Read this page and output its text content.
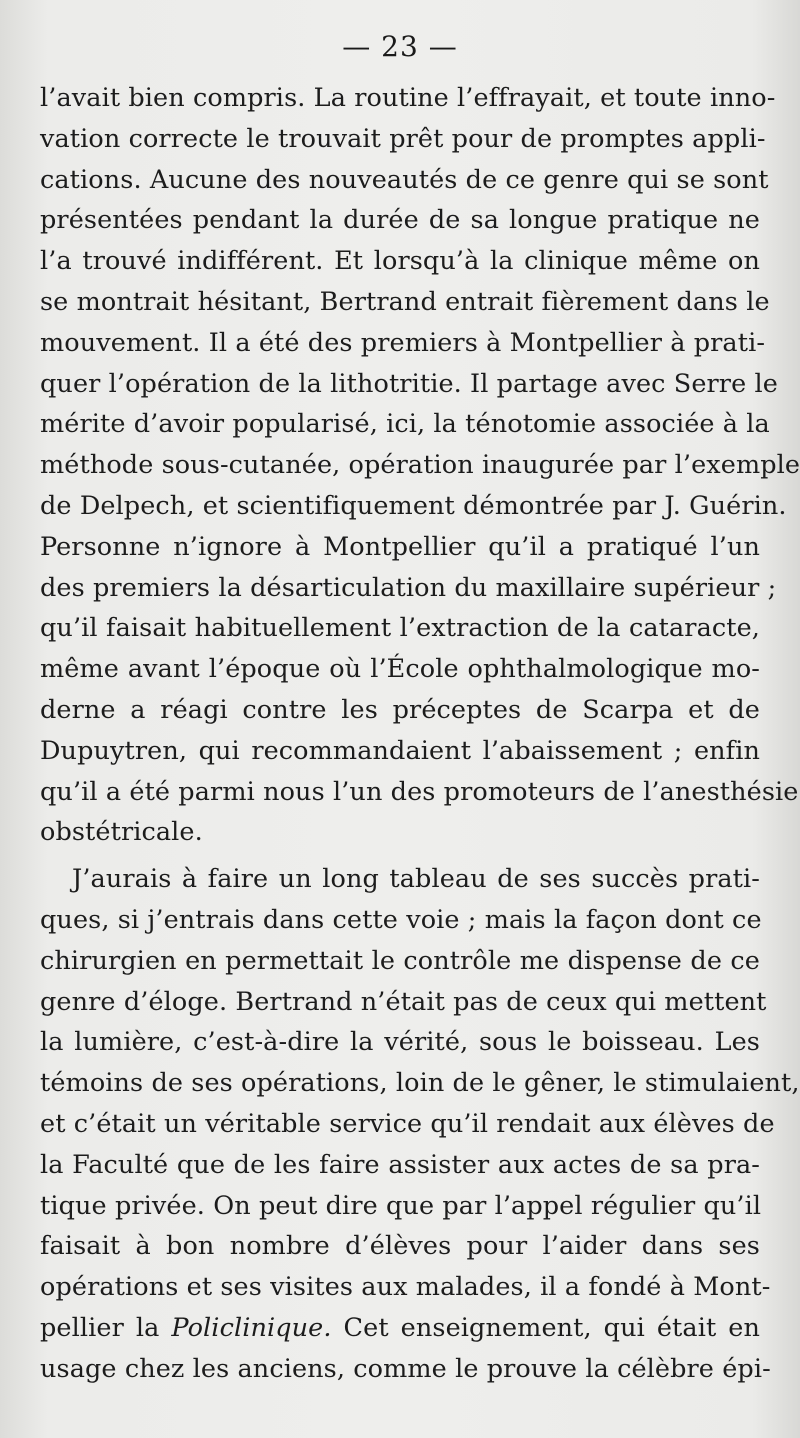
— 23 —
l’avait bien compris. La routine l’effrayait, et toute inno-
vation correcte le trouvait prêt pour de promptes appli-
cations. Aucune des nouveautés de ce genre qui se sont
présentées pendant la durée de sa longue pratique ne
l’a trouvé indifférent. Et lorsqu’à la clinique même on
se montrait hésitant, Bertrand entrait fièrement dans le
mouvement. Il a été des premiers à Montpellier à prati-
quer l’opération de la lithotritie. Il partage avec Serre le
mérite d’avoir popularisé, ici, la ténotomie associée à la
méthode sous-cutanée, opération inaugurée par l’exemple
de Delpech, et scientifiquement démontrée par J. Guérin.
Personne n’ignore à Montpellier qu’il a pratiqué l’un
des premiers la désarticulation du maxillaire supérieur ;
qu’il faisait habituellement l’extraction de la cataracte,
même avant l’époque où l’École ophthalmologique mo-
derne a réagi contre les préceptes de Scarpa et de
Dupuytren, qui recommandaient l’abaissement ; enfin
qu’il a été parmi nous l’un des promoteurs de l’anesthésie
obstétricale.
J’aurais à faire un long tableau de ses succès prati-
ques, si j’entrais dans cette voie ; mais la façon dont ce
chirurgien en permettait le contrôle me dispense de ce
genre d’éloge. Bertrand n’était pas de ceux qui mettent
la lumière, c’est-à-dire la vérité, sous le boisseau. Les
témoins de ses opérations, loin de le gêner, le stimulaient,
et c’était un véritable service qu’il rendait aux élèves de
la Faculté que de les faire assister aux actes de sa pra-
tique privée. On peut dire que par l’appel régulier qu’il
faisait à bon nombre d’élèves pour l’aider dans ses
opérations et ses visites aux malades, il a fondé à Mont-
pellier la Policlinique. Cet enseignement, qui était en
usage chez les anciens, comme le prouve la célèbre épi-
